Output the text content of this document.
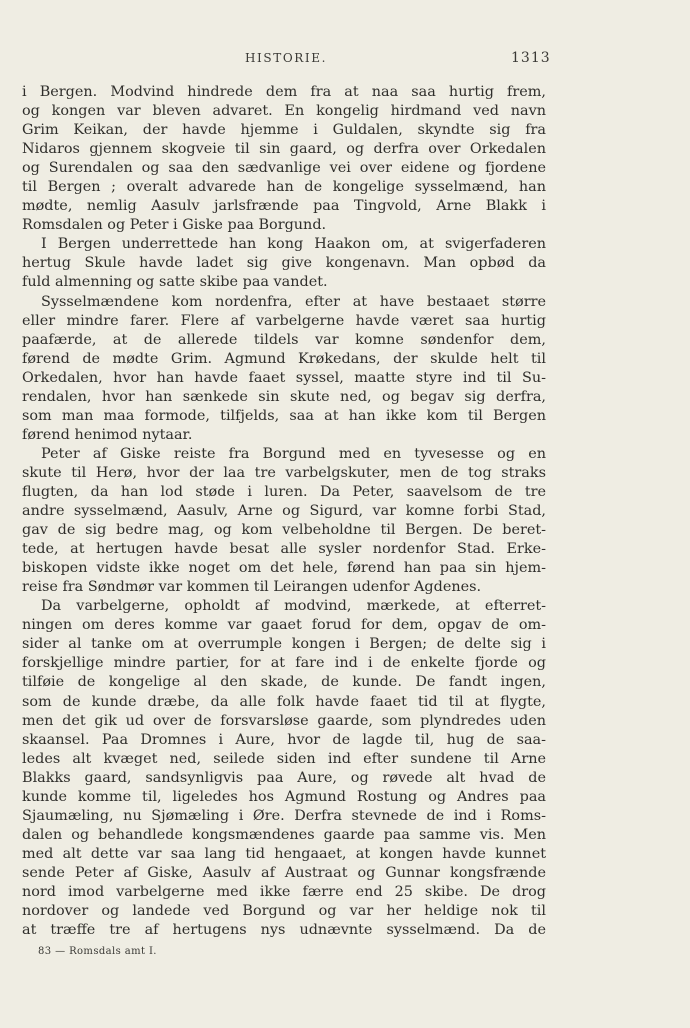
HISTORIE.	1313
i Bergen. Modvind hindrede dem fra at naa saa hurtig frem,
og kongen var bleven advaret. En kongelig hirdmand ved navn
Grim Keikan, der havde hjemme i Guldalen, skyndte sig fra
Nidaros gjennem skogveie til sin gaard, og derfra over Orkedalen
og Surendalen og saa den sædvanlige vei over eidene og fjordene
til Bergen ; overalt advarede han de kongelige sysselmænd, han
mødte, nemlig Aasulv jarlsfrænde paa Tingvold, Arne Blakk i
Romsdalen og Peter i Giske paa Borgund.
I Bergen underrettede han kong Haakon om, at svigerfaderen
hertug Skule havde ladet sig give kongenavn. Man opbød da
fuld almenning og satte skibe paa vandet.
Sysselmændene kom nordenfra, efter at have bestaaet større
eller mindre farer. Flere af varbelgerne havde været saa hurtig
paafærde, at de allerede tildels var komne søndenfor dem,
førend de mødte Grim. Agmund Krøkedans, der skulde helt til
Orkedalen, hvor han havde faaet syssel, maatte styre ind til Su-
rendalen, hvor han sænkede sin skute ned, og begav sig derfra,
som man maa formode, tilfjelds, saa at han ikke kom til Bergen
førend henimod nytaar.
Peter af Giske reiste fra Borgund med en tyvesesse og en
skute til Herø, hvor der laa tre varbelgskuter, men de tog straks
flugten, da han lod støde i luren. Da Peter, saavelsom de tre
andre sysselmænd, Aasulv, Arne og Sigurd, var komne forbi Stad,
gav de sig bedre mag, og kom velbeholdne til Bergen. De beret-
tede, at hertugen havde besat alle sysler nordenfor Stad. Erke-
biskopen vidste ikke noget om det hele, førend han paa sin hjem-
reise fra Søndmør var kommen til Leirangen udenfor Agdenes.
Da varbelgerne, opholdt af modvind, mærkede, at efterret-
ningen om deres komme var gaaet forud for dem, opgav de om-
sider al tanke om at overrumple kongen i Bergen; de delte sig i
forskjellige mindre partier, for at fare ind i de enkelte fjorde og
tilføie de kongelige al den skade, de kunde. De fandt ingen,
som de kunde dræbe, da alle folk havde faaet tid til at flygte,
men det gik ud over de forsvarsløse gaarde, som plyndredes uden
skaansel. Paa Dromnes i Aure, hvor de lagde til, hug de saa-
ledes alt kvæget ned, seilede siden ind efter sundene til Arne
Blakks gaard, sandsynligvis paa Aure, og røvede alt hvad de
kunde komme til, ligeledes hos Agmund Rostung og Andres paa
Sjaumæling, nu Sjømæling i Øre. Derfra stevnede de ind i Roms-
dalen og behandlede kongsmændenes gaarde paa samme vis. Men
med alt dette var saa lang tid hengaaet, at kongen havde kunnet
sende Peter af Giske, Aasulv af Austraat og Gunnar kongsfrænde
nord imod varbelgerne med ikke færre end 25 skibe. De drog
nordover og landede ved Borgund og var her heldige nok til
at træffe tre af hertugens nys udnævnte sysselmænd. Da de
83 — Romsdals amt I.
